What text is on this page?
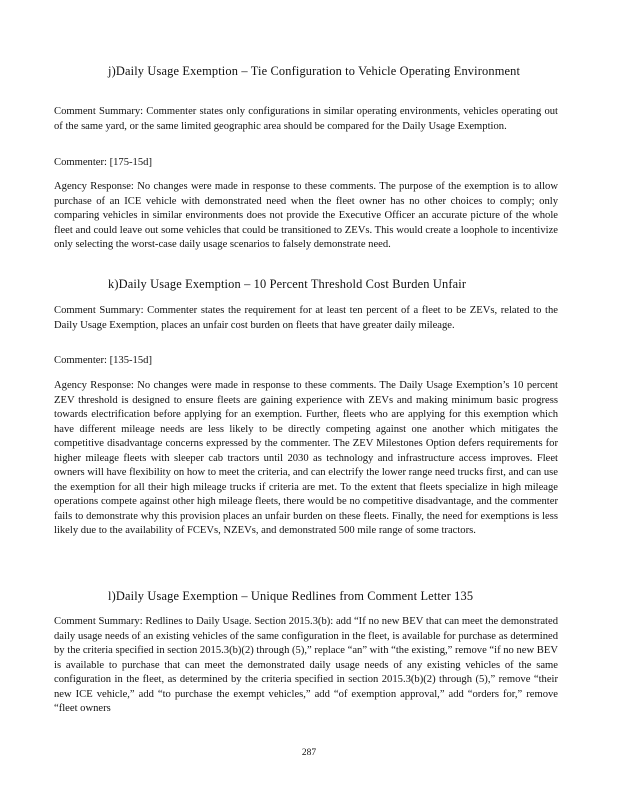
j)Daily Usage Exemption – Tie Configuration to Vehicle Operating Environment

Comment Summary: Commenter states only configurations in similar operating environments, vehicles operating out of the same yard, or the same limited geographic area should be compared for the Daily Usage Exemption.

Commenter: [175-15d]

Agency Response: No changes were made in response to these comments. The purpose of the exemption is to allow purchase of an ICE vehicle with demonstrated need when the fleet owner has no other choices to comply; only comparing vehicles in similar environments does not provide the Executive Officer an accurate picture of the whole fleet and could leave out some vehicles that could be transitioned to ZEVs. This would create a loophole to incentivize only selecting the worst-case daily usage scenarios to falsely demonstrate need.

k)Daily Usage Exemption – 10 Percent Threshold Cost Burden Unfair

Comment Summary: Commenter states the requirement for at least ten percent of a fleet to be ZEVs, related to the Daily Usage Exemption, places an unfair cost burden on fleets that have greater daily mileage.

Commenter: [135-15d]

Agency Response: No changes were made in response to these comments. The Daily Usage Exemption’s 10 percent ZEV threshold is designed to ensure fleets are gaining experience with ZEVs and making minimum basic progress towards electrification before applying for an exemption. Further, fleets who are applying for this exemption which have different mileage needs are less likely to be directly competing against one another which mitigates the competitive disadvantage concerns expressed by the commenter. The ZEV Milestones Option defers requirements for higher mileage fleets with sleeper cab tractors until 2030 as technology and infrastructure access improves. Fleet owners will have flexibility on how to meet the criteria, and can electrify the lower range need trucks first, and can use the exemption for all their high mileage trucks if criteria are met. To the extent that fleets specialize in high mileage operations compete against other high mileage fleets, there would be no competitive disadvantage, and the commenter fails to demonstrate why this provision places an unfair burden on these fleets. Finally, the need for exemptions is less likely due to the availability of FCEVs, NZEVs, and demonstrated 500 mile range of some tractors.

l)Daily Usage Exemption – Unique Redlines from Comment Letter 135

Comment Summary: Redlines to Daily Usage. Section 2015.3(b): add “If no new BEV that can meet the demonstrated daily usage needs of an existing vehicles of the same configuration in the fleet, is available for purchase as determined by the criteria specified in section 2015.3(b)(2) through (5),” replace “an” with “the existing,” remove “if no new BEV is available to purchase that can meet the demonstrated daily usage needs of any existing vehicles of the same configuration in the fleet, as determined by the criteria specified in section 2015.3(b)(2) through (5),” remove “their new ICE vehicle,” add “to purchase the exempt vehicles,” add “of exemption approval,” add “orders for,” remove “fleet owners

287
